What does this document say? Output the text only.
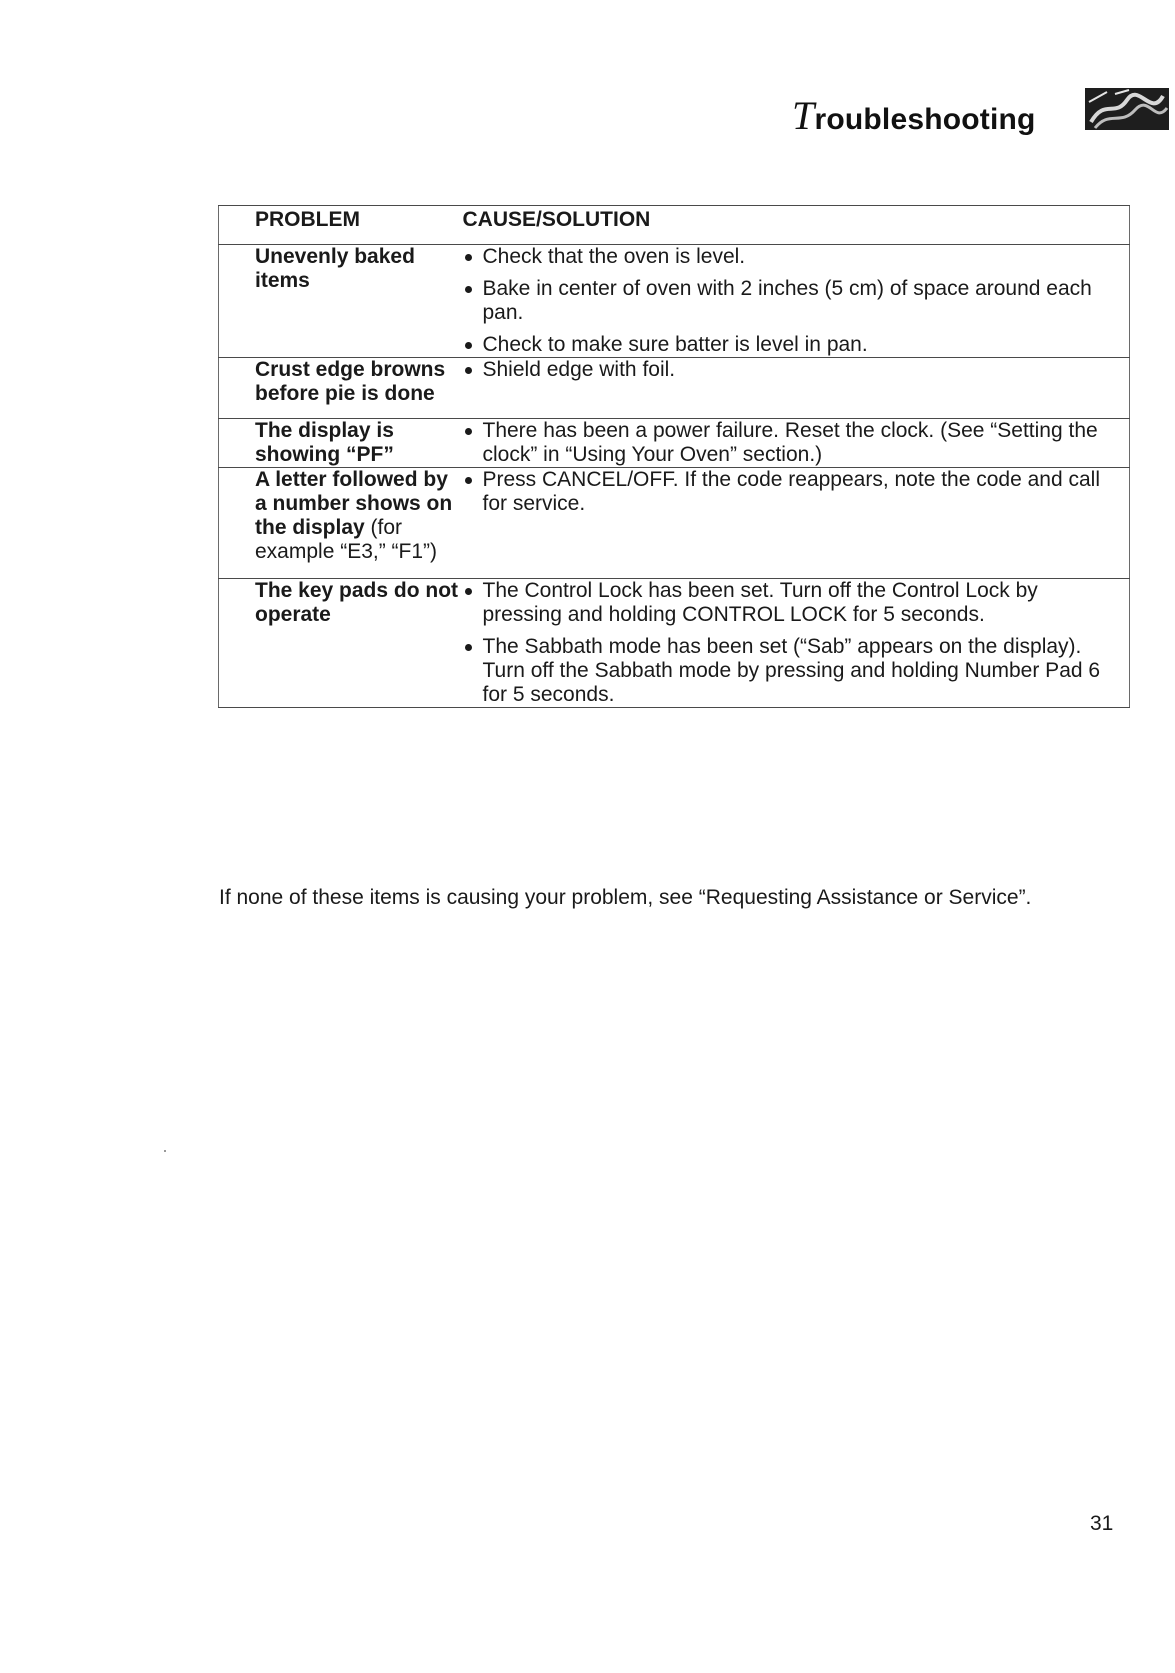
Troubleshooting
PROBLEM	CAUSE/SOLUTION
Unevenly baked items	Check that the oven is level.
Bake in center of oven with 2 inches (5 cm) of space around each pan.
Check to make sure batter is level in pan.

Crust edge browns before pie is done	Shield edge with foil.

The display is showing “PF”	There has been a power failure. Reset the clock. (See “Setting the clock” in “Using Your Oven” section.)

A letter followed by a number shows on the display (for
example “E3,” “F1”)	Press CANCEL/OFF. If the code reappears, note the code and call for service.

The key pads do not operate	The Control Lock has been set. Turn off the Control Lock by pressing and holding CONTROL LOCK for 5 seconds.
The Sabbath mode has been set (“Sab” appears on the display). Turn off the Sabbath mode by pressing and holding Number Pad 6 for 5 seconds.
If none of these items is causing your problem, see “Requesting Assistance or Service”.
31
